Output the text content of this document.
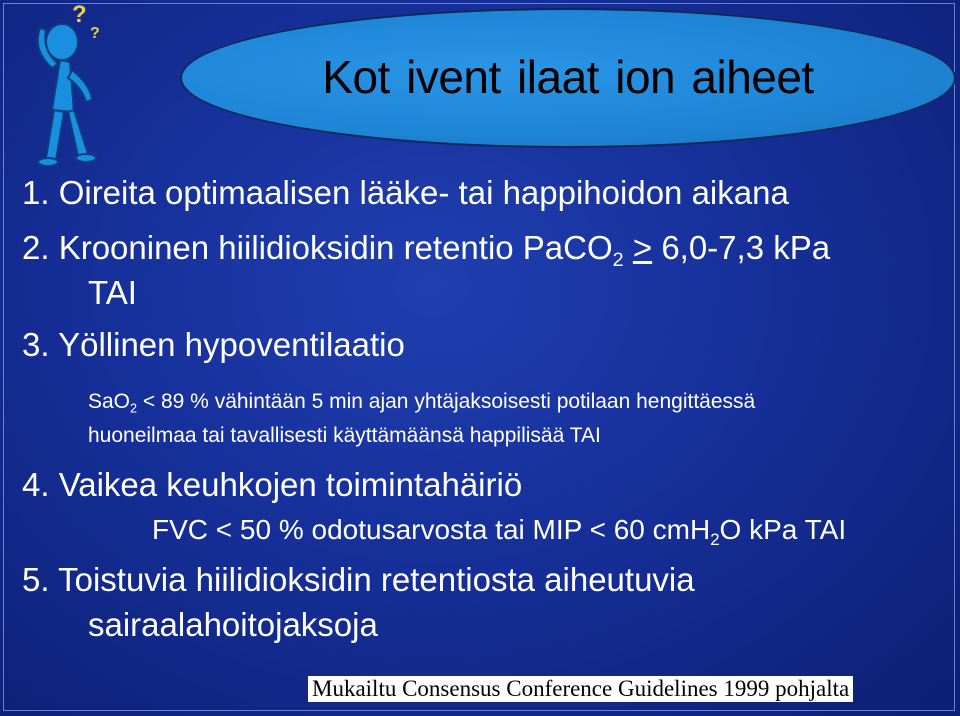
?
?
Kot ivent ilaat ion aiheet
1. Oireita optimaalisen lääke- tai happihoidon aikana
2. Krooninen hiilidioksidin retentio PaCO$_2$ ≥ 6,0-7,3 kPa
TAI
3. Yöllinen hypoventilaatio
SaO$_2$ < 89 % vähintään 5 min ajan yhtäjaksoisesti potilaan hengittäessä
huoneilmaa tai tavallisesti käyttämäänsä happilisää TAI
4. Vaikea keuhkojen toimintahäiriö
FVC < 50 % odotusarvosta tai MIP < 60 cmH$_2$O kPa TAI
5. Toistuvia hiilidioksidin retentiosta aiheutuvia
sairaalahoitojaksoja
Mukailtu Consensus Conference Guidelines 1999 pohjalta
